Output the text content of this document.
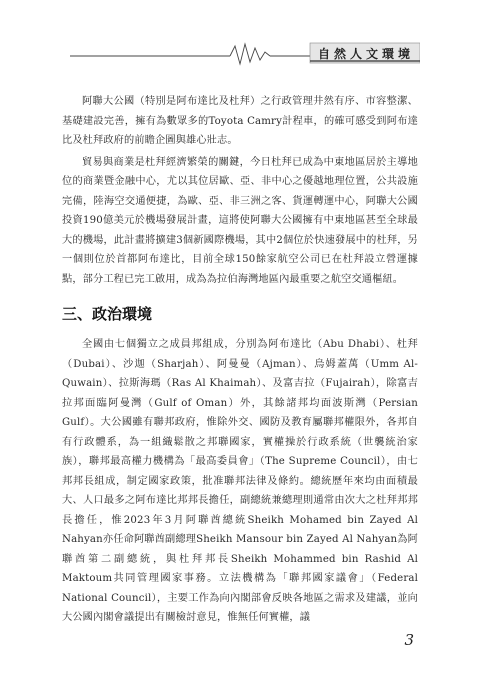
自然人文環境

阿聯大公國（特別是阿布達比及杜拜）之行政管理井然有序、市容整潔、基礎建設完善，擁有為數眾多的Toyota Camry計程車，的確可感受到阿布達比及杜拜政府的前瞻企圖與雄心壯志。

貿易與商業是杜拜經濟繁榮的關鍵，今日杜拜已成為中東地區居於主導地位的商業暨金融中心，尤以其位居歐、亞、非中心之優越地理位置，公共設施完備，陸海空交通便捷，為歐、亞、非三洲之客、貨運轉運中心，阿聯大公國投資190億美元於機場發展計畫，這將使阿聯大公國擁有中東地區甚至全球最大的機場，此計畫將擴建3個新國際機場，其中2個位於快速發展中的杜拜，另一個則位於首都阿布達比，目前全球150餘家航空公司已在杜拜設立營運據點，部分工程已完工啟用，成為為拉伯海灣地區內最重要之航空交通樞紐。

三、政治環境

全國由七個獨立之成員邦組成，分別為阿布達比（Abu Dhabi）、杜拜（Dubai）、沙迦（Sharjah）、阿曼曼（Ajman）、烏姆蓋萬（Umm Al-Quwain）、拉斯海瑪（Ras Al Khaimah）、及富吉拉（Fujairah），除富吉拉邦面臨阿曼灣（Gulf of Oman）外，其餘諸邦均面波斯灣（Persian Gulf）。大公國雖有聯邦政府，惟除外交、國防及教育屬聯邦權限外，各邦自有行政體系，為一組織鬆散之邦聯國家，實權操於行政系統（世襲統治家族），聯邦最高權力機構為「最高委員會」（The Supreme Council），由七邦邦長組成，制定國家政策，批准聯邦法律及條約。總統歷年來均由面積最大、人口最多之阿布達比邦邦長擔任，副總統兼總理則通常由次大之杜拜邦邦長擔任，惟2023年3月阿聯酋總統Sheikh Mohamed bin Zayed Al Nahyan亦任命阿聯酋副總理Sheikh Mansour bin Zayed Al Nahyan為阿聯酋第二副總統，與杜拜邦長Sheikh Mohammed bin Rashid Al Maktoum共同管理國家事務。立法機構為「聯邦國家議會」（Federal National Council），主要工作為向內閣部會反映各地區之需求及建議，並向大公國內閣會議提出有關檢討意見，惟無任何實權，議

3
